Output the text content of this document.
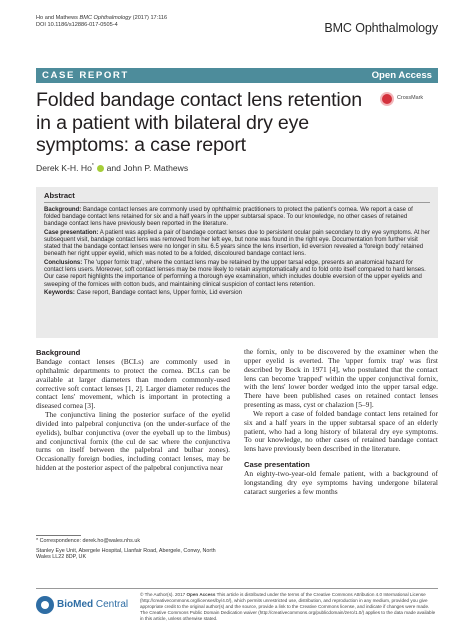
Ho and Mathews BMC Ophthalmology (2017) 17:116
DOI 10.1186/s12886-017-0505-4	BMC Ophthalmology
CASE REPORT	Open Access
Folded bandage contact lens retention in a patient with bilateral dry eye symptoms: a case report
CrossMark
Derek K-H. Ho*  and John P. Mathews
Abstract

Background: Bandage contact lenses are commonly used by ophthalmic practitioners to protect the patient's cornea. We report a case of folded bandage contact lens retained for six and a half years in the upper subtarsal space. To our knowledge, no other cases of retained bandage contact lens have previously been reported in the literature.

Case presentation: A patient was applied a pair of bandage contact lenses due to persistent ocular pain secondary to dry eye symptoms. At her subsequent visit, bandage contact lens was removed from her left eye, but none was found in the right eye. Documentation from further visit stated that the bandage contact lenses were no longer in situ. 6.5 years since the lens insertion, lid eversion revealed a 'foreign body' retained beneath her right upper eyelid, which was noted to be a folded, discoloured bandage contact lens.

Conclusions: The 'upper fornix trap', where the contact lens may be retained by the upper tarsal edge, presents an anatomical hazard for contact lens users. Moreover, soft contact lenses may be more likely to retain asymptomatically and to fold onto itself compared to hard lenses. Our case report highlights the importance of performing a thorough eye examination, which includes double eversion of the upper eyelids and sweeping of the fornices with cotton buds, and maintaining clinical suspicion of contact lens retention.

Keywords: Case report, Bandage contact lens, Upper fornix, Lid eversion

Background

Bandage contact lenses (BCLs) are commonly used in ophthalmic departments to protect the cornea. BCLs can be available at larger diameters than modern commonly-used corrective soft contact lenses [1, 2]. Larger diameter reduces the contact lens' movement, which is important in protecting a diseased cornea [3].

The conjunctiva lining the posterior surface of the eyelid divided into palpebral conjunctiva (on the under-surface of the eyelids), bulbar conjunctiva (over the eyeball up to the limbus) and conjunctival fornix (the cul de sac where the conjunctiva turns on itself between the palpebral and bulbar zones). Occasionally foreign bodies, including contact lenses, may be hidden at the posterior aspect of the palpebral conjunctiva near

the fornix, only to be discovered by the examiner when the upper eyelid is everted. The 'upper fornix trap' was first described by Bock in 1971 [4], who postulated that the contact lens can become 'trapped' within the upper conjunctival fornix, with the lens' lower border wedged into the upper tarsal edge. There have been published cases on retained contact lenses presenting as mass, cyst or chalazion [5–9].

We report a case of folded bandage contact lens retained for six and a half years in the upper subtarsal space of an elderly patient, who had a long history of bilateral dry eye symptoms. To our knowledge, no other cases of retained bandage contact lens have previously been described in the literature.

Case presentation

An eighty-two-year-old female patient, with a background of longstanding dry eye symptoms having undergone bilateral cataract surgeries a few months

* Correspondence: derek.ho@wales.nhs.uk

Stanley Eye Unit, Abergele Hospital, Llanfair Road, Abergele, Conwy, North Wales LL22 8DP, UK

BioMed Central
© The Author(s). 2017 Open Access This article is distributed under the terms of the Creative Commons Attribution 4.0 International License (http://creativecommons.org/licenses/by/4.0/), which permits unrestricted use, distribution, and reproduction in any medium, provided you give appropriate credit to the original author(s) and the source, provide a link to the Creative Commons license, and indicate if changes were made. The Creative Commons Public Domain Dedication waiver (http://creativecommons.org/publicdomain/zero/1.0/) applies to the data made available in this article, unless otherwise stated.
